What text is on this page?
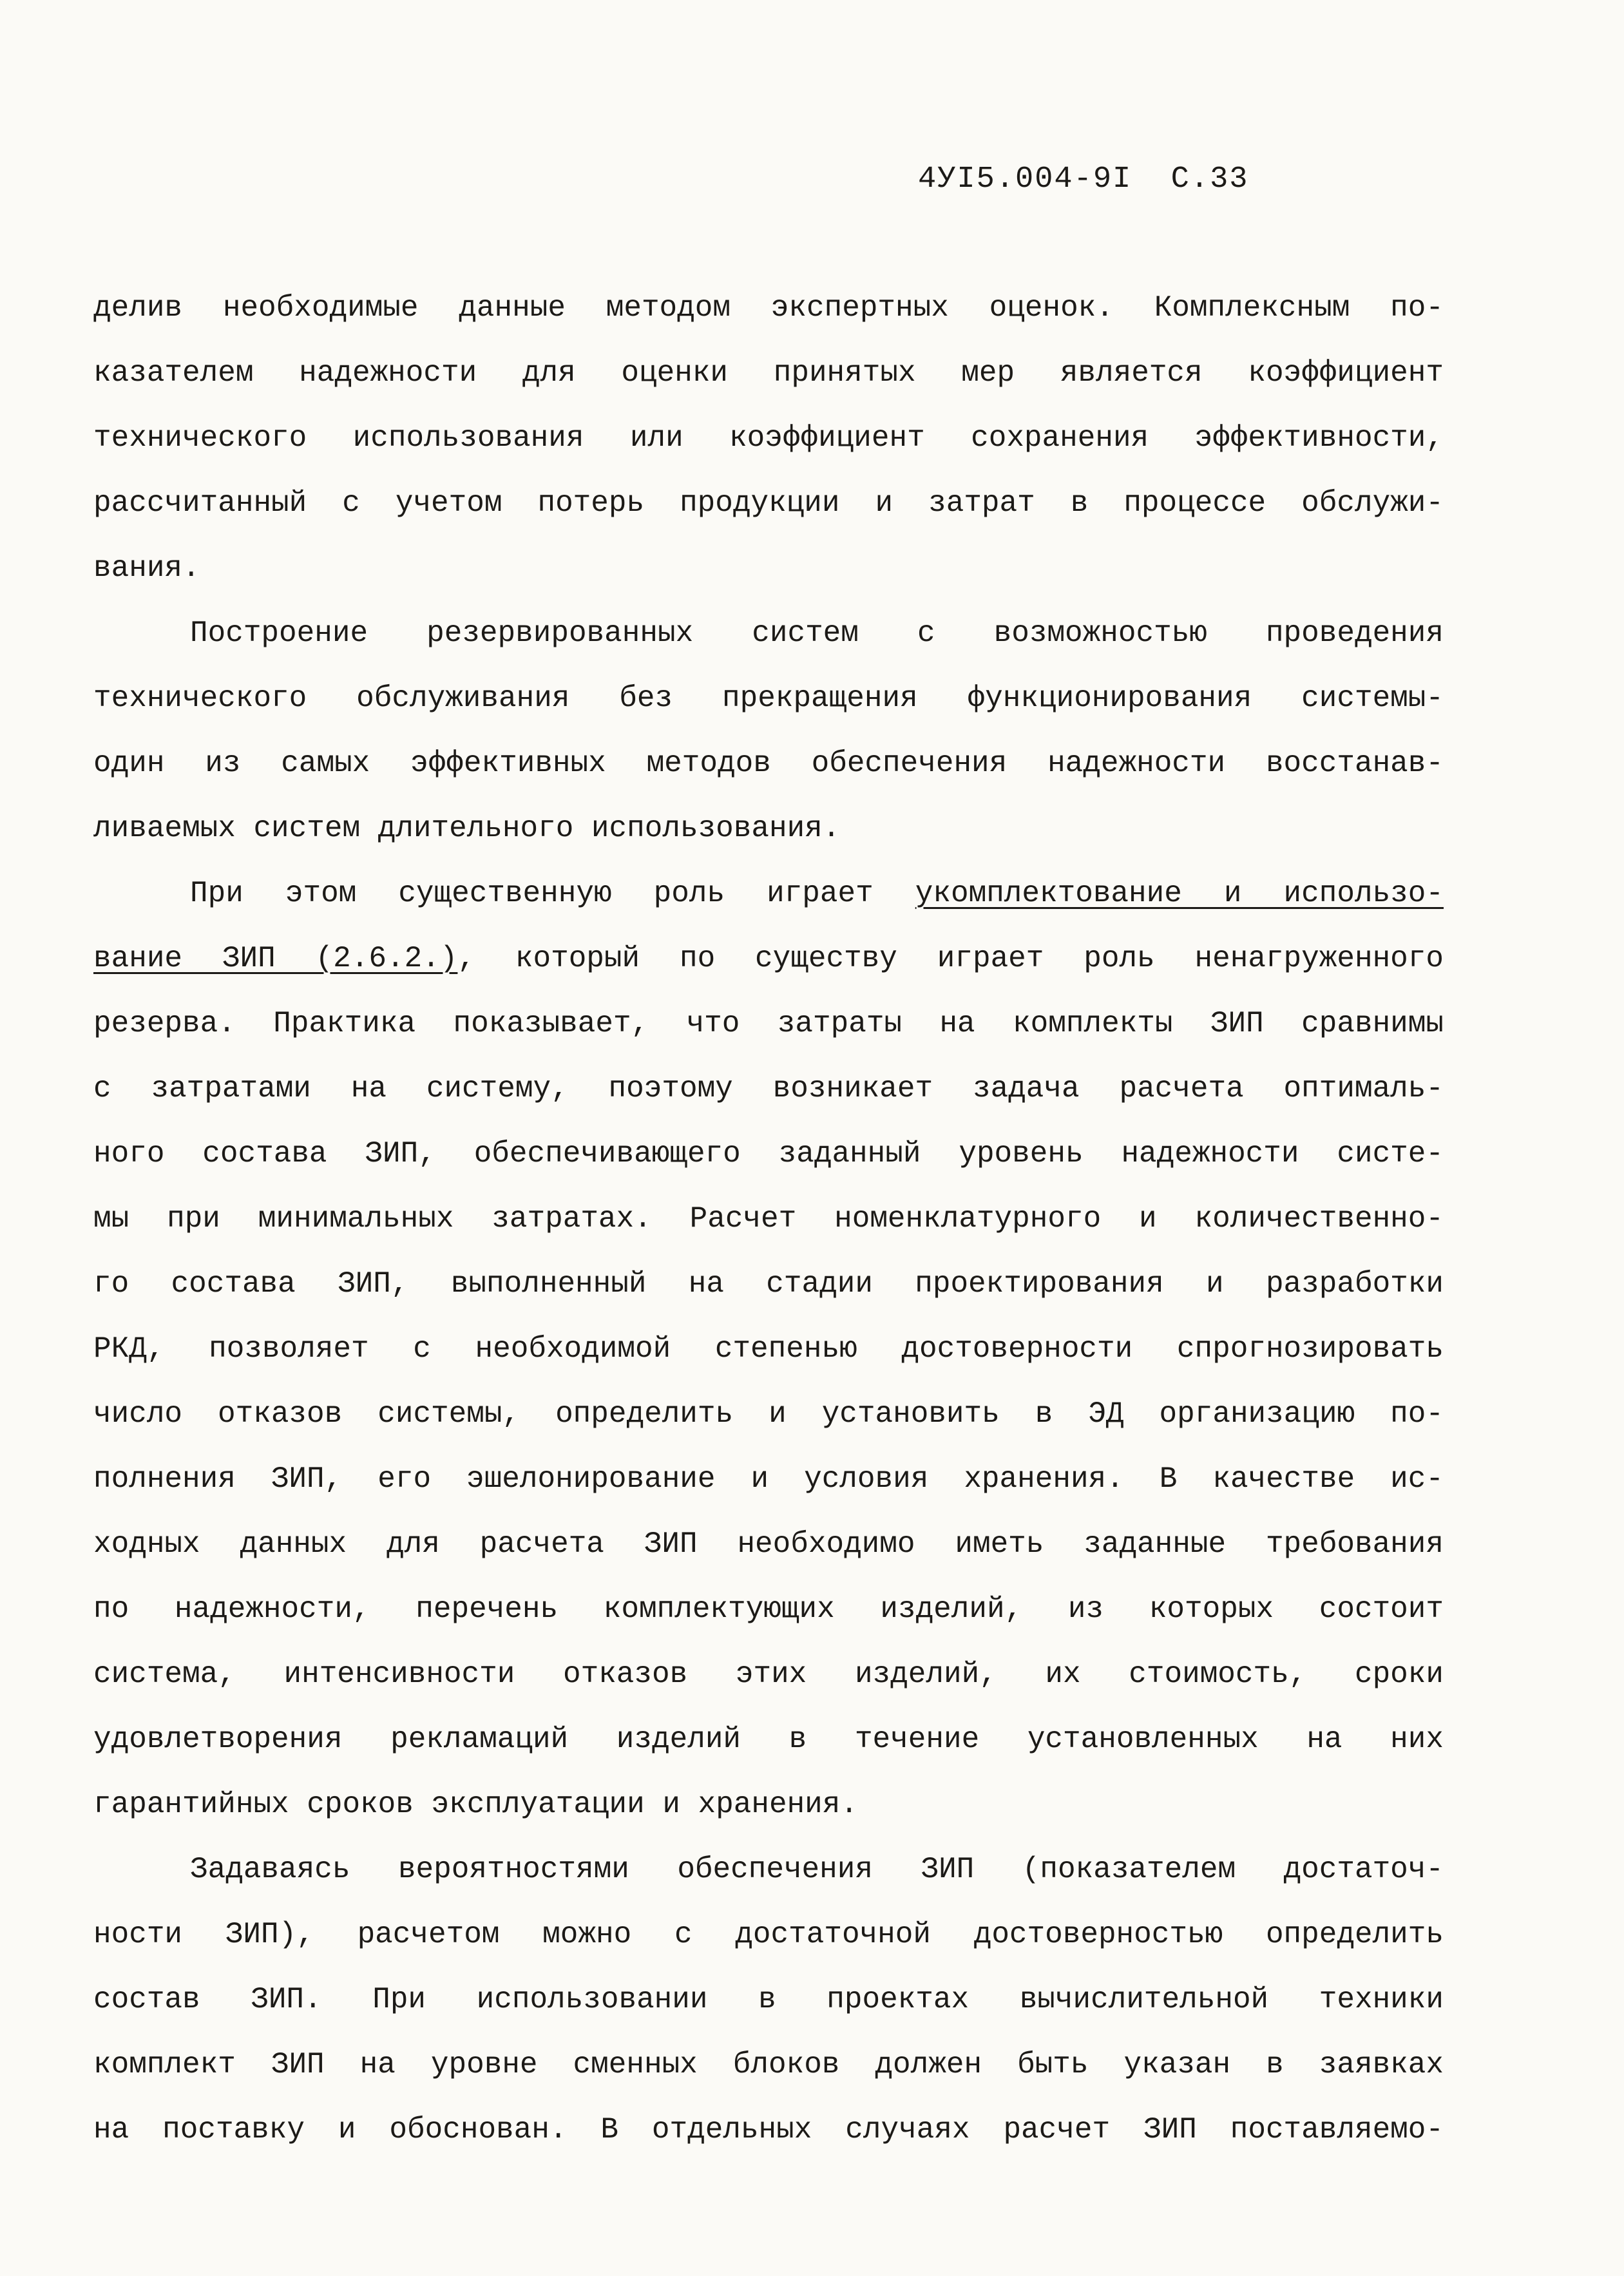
4УI5.004-9I  С.33
делив необходимые данные методом экспертных оценок. Комплексным по-
казателем надежности для оценки принятых мер является коэффициент
технического использования или коэффициент сохранения эффективности,
рассчитанный с учетом потерь продукции и затрат в процессе обслужи-
вания.
Построение резервированных систем с возможностью проведения
технического обслуживания без прекращения функционирования системы-
один из самых эффективных методов обеспечения надежности восстанав-
ливаемых систем длительного использования.
При этом существенную роль играет укомплектование и использо-
вание ЗИП (2.6.2.), который по существу играет роль ненагруженного
резерва. Практика показывает, что затраты на комплекты ЗИП сравнимы
с затратами на систему, поэтому возникает задача расчета оптималь-
ного состава ЗИП, обеспечивающего заданный уровень надежности систе-
мы при минимальных затратах. Расчет номенклатурного и количественно-
го состава ЗИП, выполненный на стадии проектирования и разработки
РКД, позволяет с необходимой степенью достоверности спрогнозировать
число отказов системы, определить и установить в ЭД организацию по-
полнения ЗИП, его эшелонирование и условия хранения. В качестве ис-
ходных данных для расчета ЗИП необходимо иметь заданные требования
по надежности, перечень комплектующих изделий, из которых состоит
система, интенсивности отказов этих изделий, их стоимость, сроки
удовлетворения рекламаций изделий в течение установленных на них
гарантийных сроков эксплуатации и хранения.
Задаваясь вероятностями обеспечения ЗИП (показателем достаточ-
ности ЗИП), расчетом можно с достаточной достоверностью определить
состав ЗИП. При использовании в проектах вычислительной техники
комплект ЗИП на уровне сменных блоков должен быть указан в заявках
на поставку и обоснован. В отдельных случаях расчет ЗИП поставляемо-
